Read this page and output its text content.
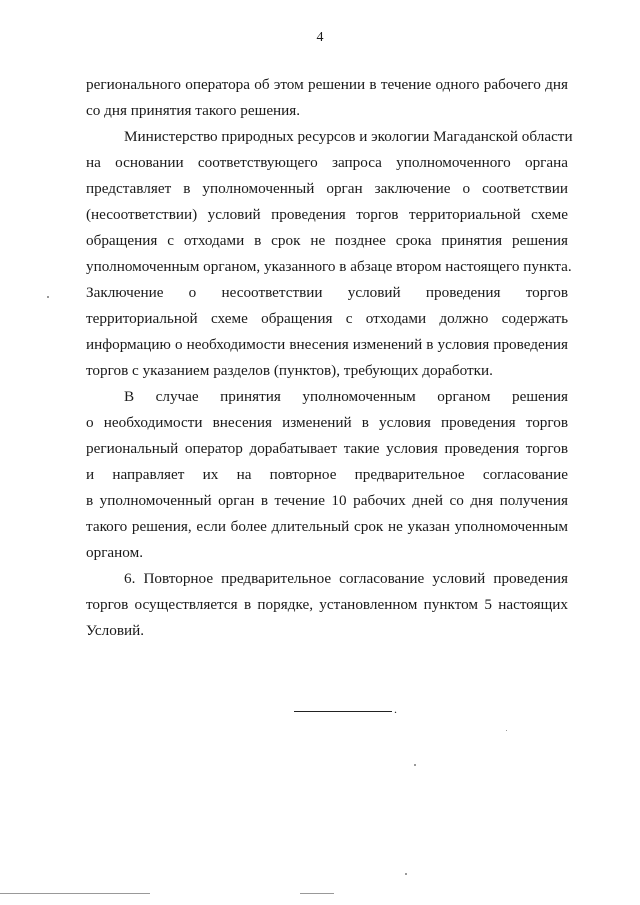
4
регионального оператора об этом решении в течение одного рабочего дня
со дня принятия такого решения.
Министерство природных ресурсов и экологии Магаданской области
на основании соответствующего запроса уполномоченного органа
представляет в уполномоченный орган заключение о соответствии
(несоответствии) условий проведения торгов территориальной схеме
обращения с отходами в срок не позднее срока принятия решения
уполномоченным органом, указанного в абзаце втором настоящего пункта.
Заключение о несоответствии условий проведения торгов
территориальной схеме обращения с отходами должно содержать
информацию о необходимости внесения изменений в условия проведения
торгов с указанием разделов (пунктов), требующих доработки.
В случае принятия уполномоченным органом решения
о необходимости внесения изменений в условия проведения торгов
региональный оператор дорабатывает такие условия проведения торгов
и направляет их на повторное предварительное согласование
в уполномоченный орган в течение 10 рабочих дней со дня получения
такого решения, если более длительный срок не указан уполномоченным
органом.
6. Повторное предварительное согласование условий проведения
торгов осуществляется в порядке, установленном пунктом 5 настоящих
Условий.
.
